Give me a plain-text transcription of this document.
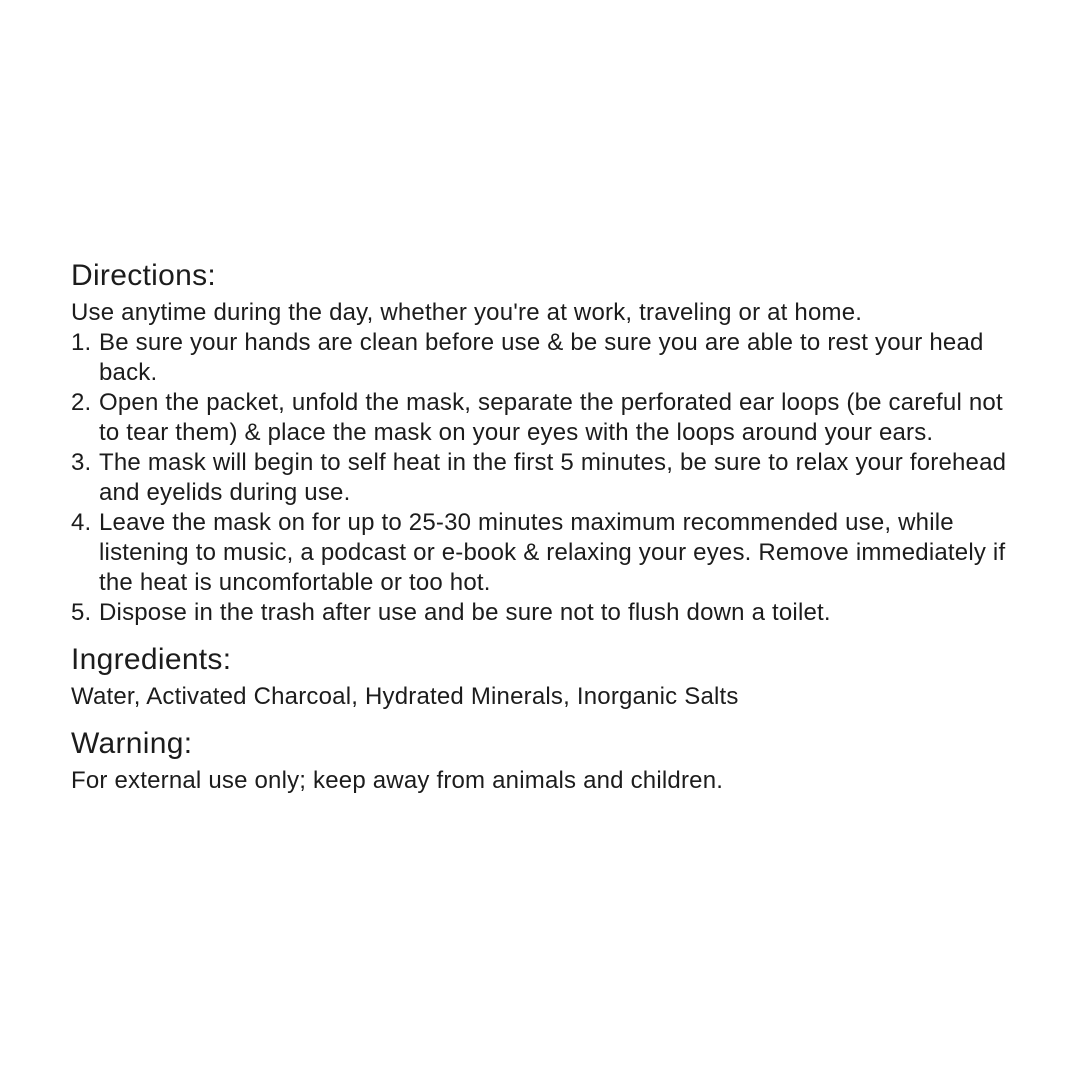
Directions:

Use anytime during the day, whether you're at work, traveling or at home.

1. Be sure your hands are clean before use & be sure you are able to rest your head back.
2. Open the packet, unfold the mask, separate the perforated ear loops (be careful not to tear them) & place the mask on your eyes with the loops around your ears.
3. The mask will begin to self heat in the first 5 minutes, be sure to relax your forehead and eyelids during use.
4. Leave the mask on for up to 25-30 minutes maximum recommended use, while listening to music, a podcast or e-book & relaxing your eyes. Remove immediately if the heat is uncomfortable or too hot.
5. Dispose in the trash after use and be sure not to flush down a toilet.
Ingredients:

Water, Activated Charcoal, Hydrated Minerals, Inorganic Salts

Warning:

For external use only; keep away from animals and children.
